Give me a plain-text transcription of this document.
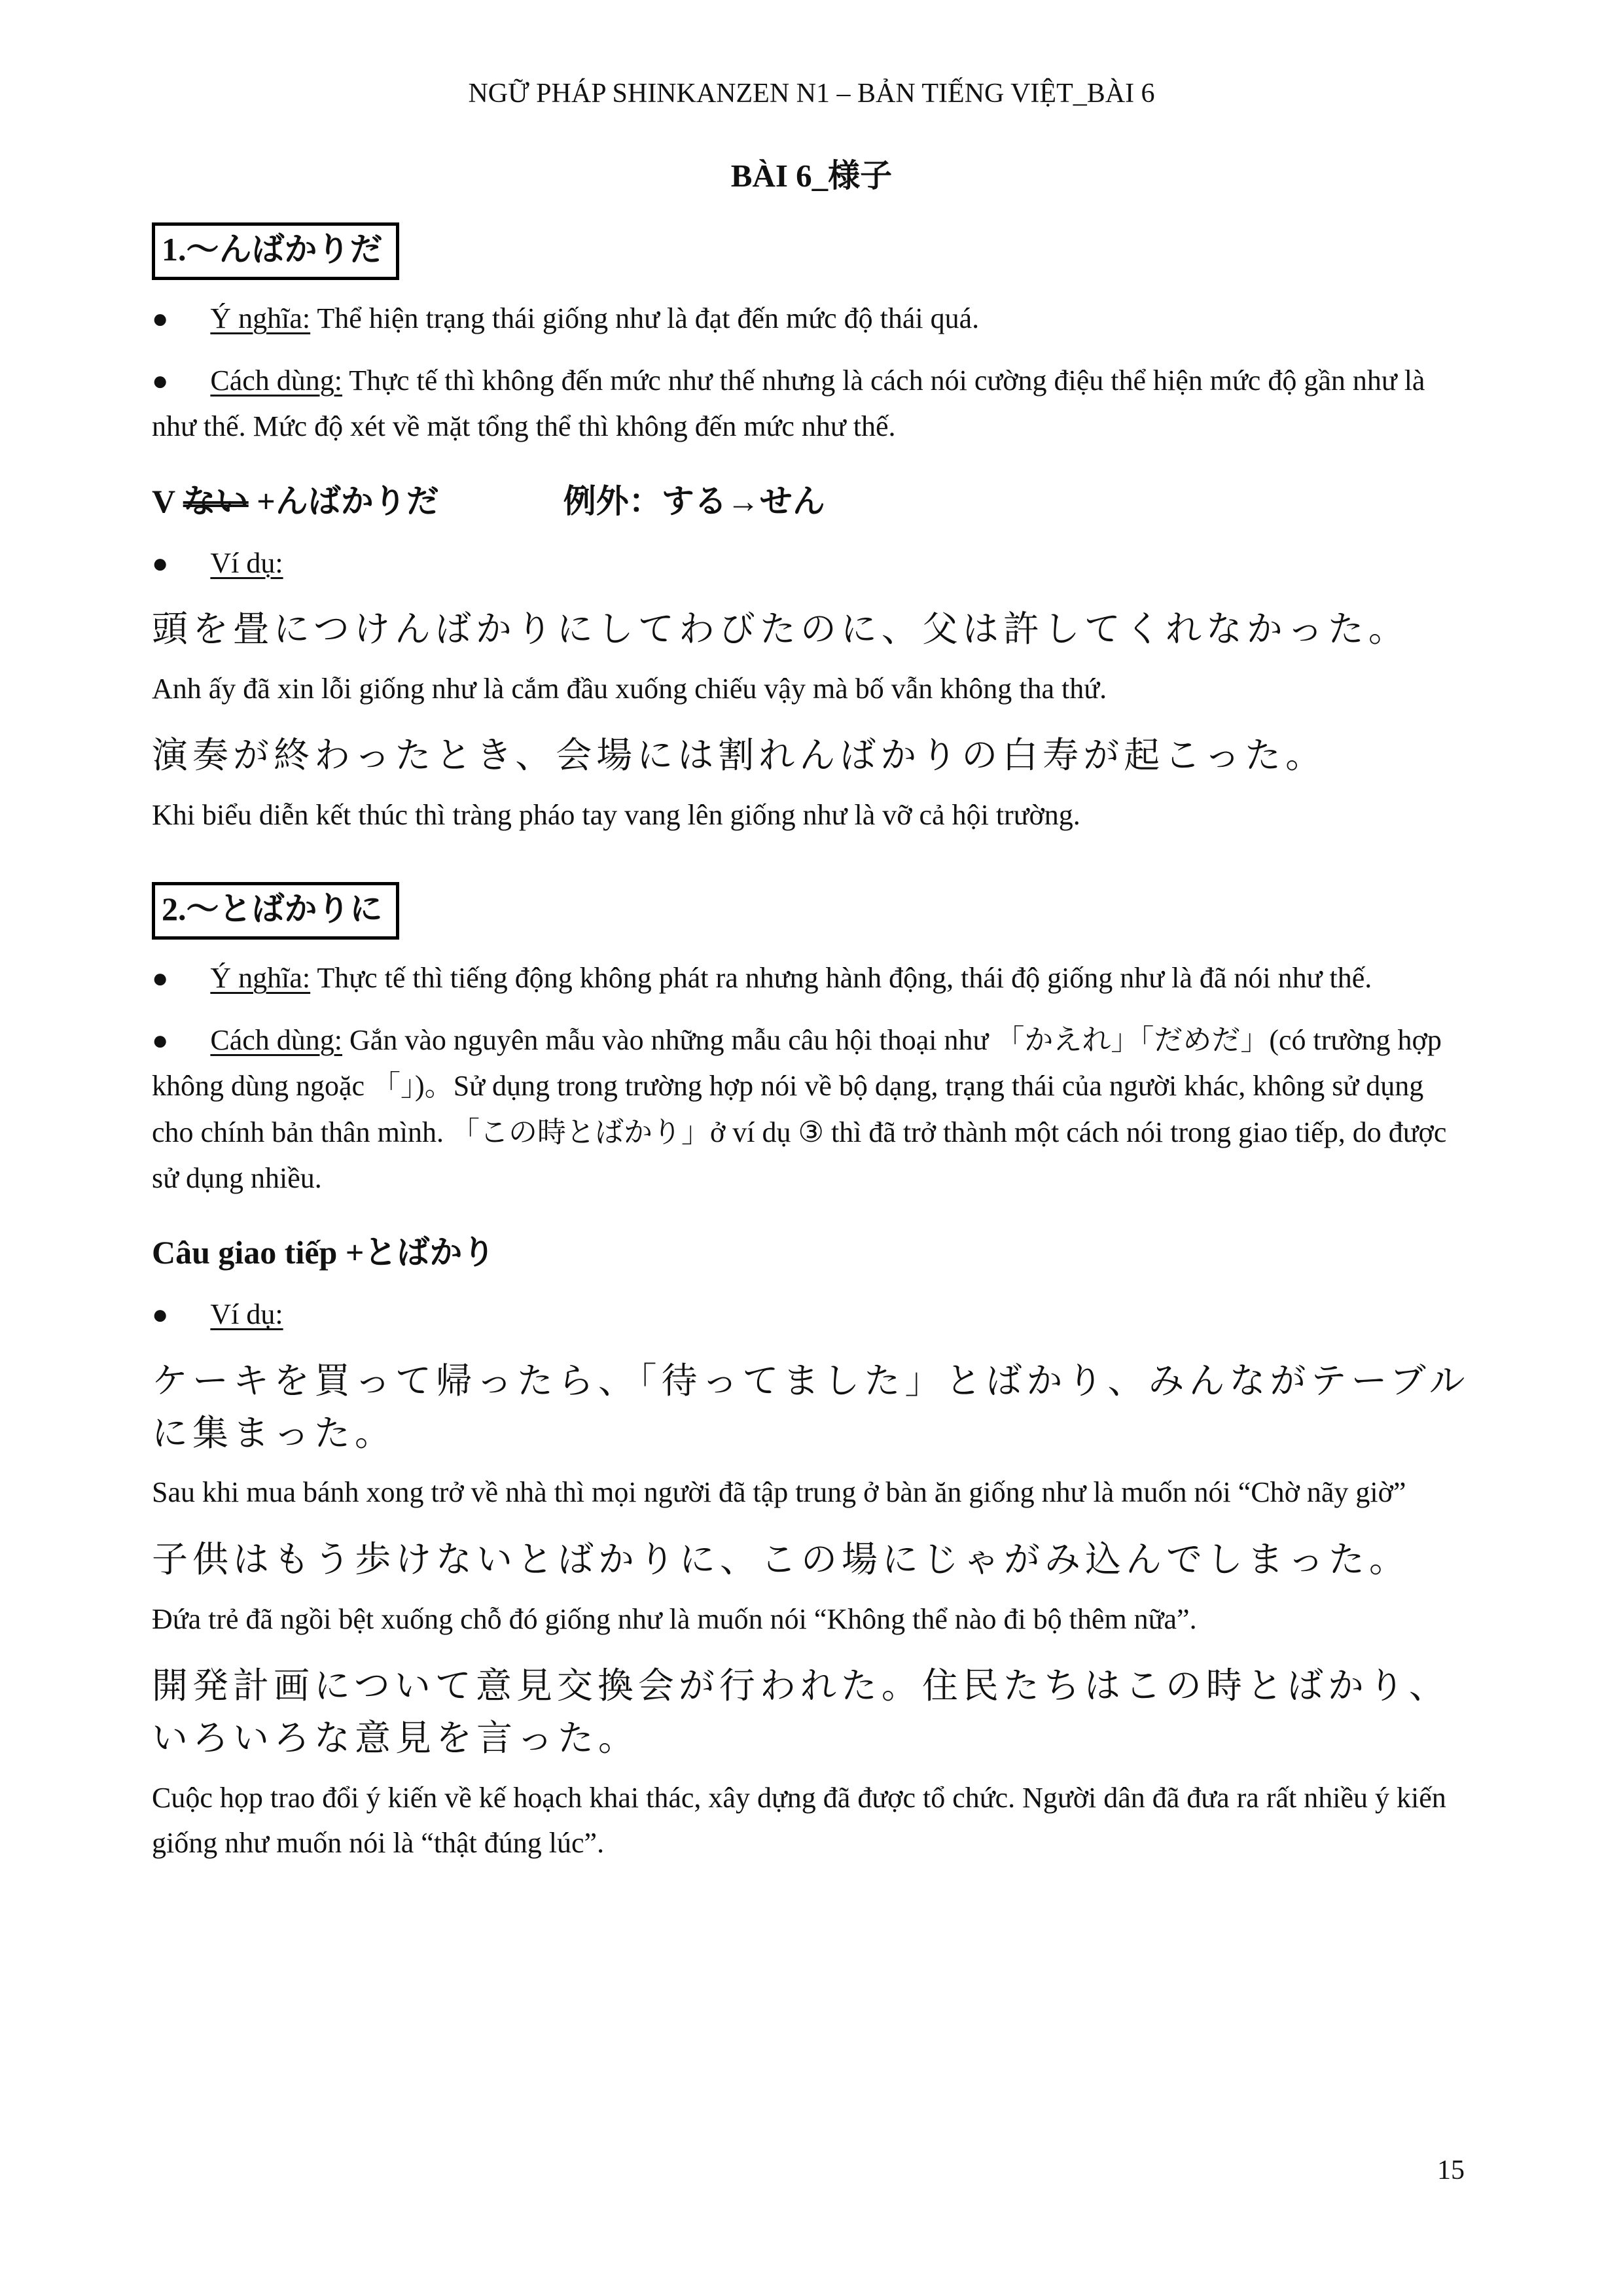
NGỮ PHÁP SHINKANZEN N1 – BẢN TIẾNG VIỆT_BÀI 6
BÀI 6_様子
1.〜んばかりだ

● Ý nghĩa: Thể hiện trạng thái giống như là đạt đến mức độ thái quá.

● Cách dùng: Thực tế thì không đến mức như thế nhưng là cách nói cường điệu thể hiện mức độ gần như là như thế. Mức độ xét về mặt tổng thể thì không đến mức như thế.

V ない +んばかりだ	例外：する→せん

● Ví dụ:

頭を畳につけんばかりにしてわびたのに、父は許してくれなかった。

Anh ấy đã xin lỗi giống như là cắm đầu xuống chiếu vậy mà bố vẫn không tha thứ.

演奏が終わったとき、会場には割れんばかりの白寿が起こった。

Khi biểu diễn kết thúc thì tràng pháo tay vang lên giống như là vỡ cả hội trường.

2.〜とばかりに

● Ý nghĩa: Thực tế thì tiếng động không phát ra nhưng hành động, thái độ giống như là đã nói như thế.

● Cách dùng: Gắn vào nguyên mẫu vào những mẫu câu hội thoại như 「かえれ」「だめだ」(có trường hợp không dùng ngoặc 「」)。Sử dụng trong trường hợp nói về bộ dạng, trạng thái của người khác, không sử dụng cho chính bản thân mình. 「この時とばかり」ở ví dụ ③ thì đã trở thành một cách nói trong giao tiếp, do được sử dụng nhiều.

Câu giao tiếp +とばかり

● Ví dụ:

ケーキを買って帰ったら、「待ってました」とばかり、みんながテーブルに集まった。

Sau khi mua bánh xong trở về nhà thì mọi người đã tập trung ở bàn ăn giống như là muốn nói “Chờ nãy giờ”

子供はもう歩けないとばかりに、この場にじゃがみ込んでしまった。

Đứa trẻ đã ngồi bệt xuống chỗ đó giống như là muốn nói “Không thể nào đi bộ thêm nữa”.

開発計画について意見交換会が行われた。住民たちはこの時とばかり、いろいろな意見を言った。

Cuộc họp trao đổi ý kiến về kế hoạch khai thác, xây dựng đã được tổ chức. Người dân đã đưa ra rất nhiều ý kiến giống như muốn nói là “thật đúng lúc”.

15
